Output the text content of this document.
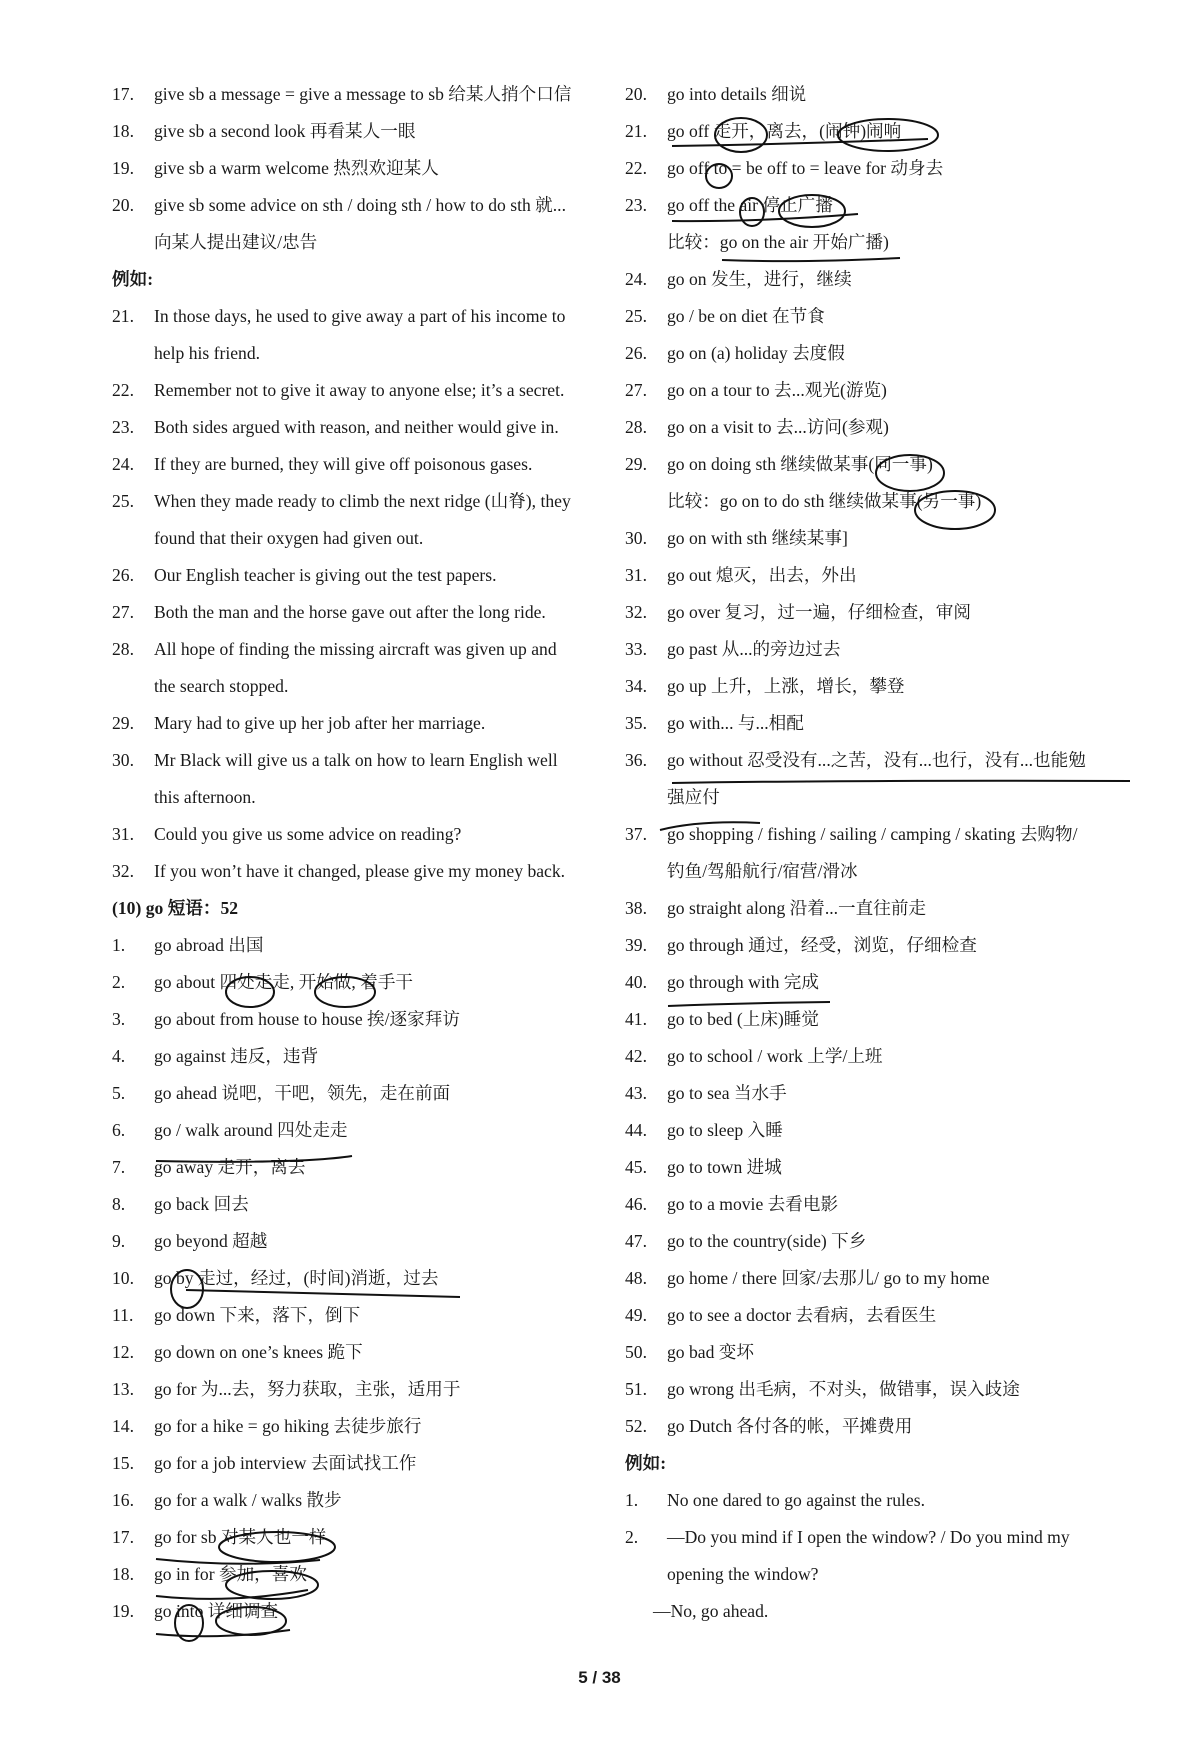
17. give sb a message = give a message to sb 给某人捎个口信
18. give sb a second look 再看某人一眼
19. give sb a warm welcome 热烈欢迎某人
20. give sb some advice on sth / doing sth / how to do sth 就...
向某人提出建议/忠告
例如:
21. In those days, he used to give away a part of his income to
help his friend.
22. Remember not to give it away to anyone else; it’s a secret.
23. Both sides argued with reason, and neither would give in.
24. If they are burned, they will give off poisonous gases.
25. When they made ready to climb the next ridge (山脊), they
found that their oxygen had given out.
26. Our English teacher is giving out the test papers.
27. Both the man and the horse gave out after the long ride.
28. All hope of finding the missing aircraft was given up and
the search stopped.
29. Mary had to give up her job after her marriage.
30. Mr Black will give us a talk on how to learn English well
this afternoon.
31. Could you give us some advice on reading?
32. If you won’t have it changed, please give my money back.
(10) go 短语：52
1. go abroad 出国
2. go about 四处走走, 开始做, 着手干
3. go about from house to house 挨/逐家拜访
4. go against 违反，违背
5. go ahead 说吧，干吧，领先，走在前面
6. go / walk around 四处走走
7. go away 走开，离去
8. go back 回去
9. go beyond 超越
10. go by 走过，经过，(时间)消逝，过去
11. go down 下来，落下，倒下
12. go down on one’s knees 跪下
13. go for 为...去，努力获取，主张，适用于
14. go for a hike = go hiking 去徒步旅行
15. go for a job interview 去面试找工作
16. go for a walk / walks 散步
17. go for sb 对某人也一样
18. go in for 参加，喜欢
19. go into 详细调查
20. go into details 细说
21. go off 走开，离去，(闹钟)闹响
22. go off to = be off to = leave for 动身去
23. go off the air 停止广播
比较：go on the air 开始广播)
24. go on 发生，进行，继续
25. go / be on diet 在节食
26. go on (a) holiday 去度假
27. go on a tour to 去...观光(游览)
28. go on a visit to 去...访问(参观)
29. go on doing sth 继续做某事(同一事)
比较：go on to do sth 继续做某事(另一事)
30. go on with sth 继续某事]
31. go out 熄灭，出去，外出
32. go over 复习，过一遍，仔细检查，审阅
33. go past 从...的旁边过去
34. go up 上升，上涨，增长，攀登
35. go with... 与...相配
36. go without 忍受没有...之苦，没有...也行，没有...也能勉
强应付
37. go shopping / fishing / sailing / camping / skating 去购物/
钓鱼/驾船航行/宿营/滑冰
38. go straight along 沿着...一直往前走
39. go through 通过，经受，浏览，仔细检查
40. go through with 完成
41. go to bed (上床)睡觉
42. go to school / work 上学/上班
43. go to sea 当水手
44. go to sleep 入睡
45. go to town 进城
46. go to a movie 去看电影
47. go to the country(side) 下乡
48. go home / there 回家/去那儿/ go to my home
49. go to see a doctor 去看病，去看医生
50. go bad 变坏
51. go wrong 出毛病，不对头，做错事，误入歧途
52. go Dutch 各付各的帐，平摊费用
例如:
1. No one dared to go against the rules.
2. —Do you mind if I open the window? / Do you mind my
opening the window?
—No, go ahead.
5 / 38
